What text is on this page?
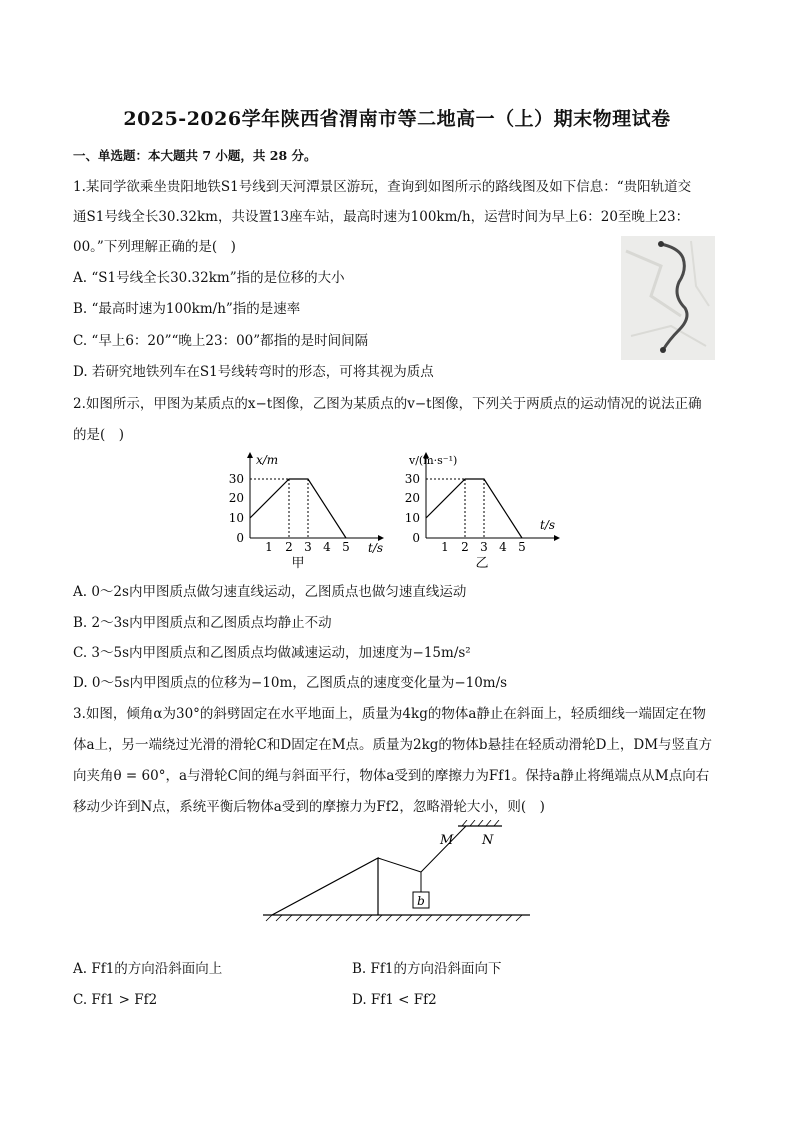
2025-2026学年陕西省渭南市等二地高一（上）期末物理试卷
一、单选题：本大题共 7 小题，共 28 分。
1.某同学欲乘坐贵阳地铁S1号线到天河潭景区游玩，查询到如图所示的路线图及如下信息：“贵阳轨道交
通S1号线全长30.32km，共设置13座车站，最高时速为100km/h，运营时间为早上6：20至晚上23：
00。”下列理解正确的是(　)
A. “S1号线全长30.32km”指的是位移的大小
B. “最高时速为100km/h”指的是速率
C. “早上6：20”“晚上23：00”都指的是时间间隔
D. 若研究地铁列车在S1号线转弯时的形态，可将其视为质点
2.如图所示，甲图为某质点的x−t图像，乙图为某质点的v−t图像，下列关于两质点的运动情况的说法正确
的是(　)
x/m
t/s
0
10
20
30
1 2 3 4 5
甲
v/(m·s⁻¹)
t/s
0
10
20
30
1 2 3 4 5
乙
A. 0～2s内甲图质点做匀速直线运动，乙图质点也做匀速直线运动
B. 2～3s内甲图质点和乙图质点均静止不动
C. 3～5s内甲图质点和乙图质点均做减速运动，加速度为−15m/s²
D. 0～5s内甲图质点的位移为−10m，乙图质点的速度变化量为−10m/s
3.如图，倾角α为30°的斜劈固定在水平地面上，质量为4kg的物体a静止在斜面上，轻质细线一端固定在物
体a上，另一端绕过光滑的滑轮C和D固定在M点。质量为2kg的物体b悬挂在轻质动滑轮D上，DM与竖直方
向夹角θ = 60°，a与滑轮C间的绳与斜面平行，物体a受到的摩擦力为Ff1。保持a静止将绳端点从M点向右
移动少许到N点，系统平衡后物体a受到的摩擦力为Ff2，忽略滑轮大小，则(　)
M N
b
A. Ff1的方向沿斜面向上	B. Ff1的方向沿斜面向下
C. Ff1 > Ff2	D. Ff1 < Ff2
